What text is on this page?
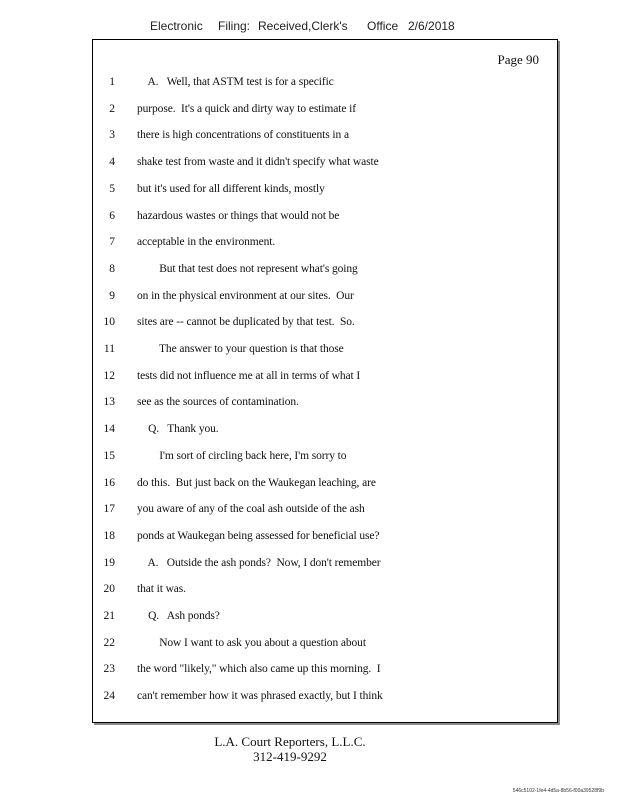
Electronic Filing: Received,Clerk's Office 2/6/2018
Page 90
1 A.   Well, that ASTM test is for a specific
2 purpose.  It's a quick and dirty way to estimate if
3 there is high concentrations of constituents in a
4 shake test from waste and it didn't specify what waste
5 but it's used for all different kinds, mostly
6 hazardous wastes or things that would not be
7 acceptable in the environment.
8 But that test does not represent what's going
9 on in the physical environment at our sites.  Our
10 sites are -- cannot be duplicated by that test.  So.
11 The answer to your question is that those
12 tests did not influence me at all in terms of what I
13 see as the sources of contamination.
14 Q.   Thank you.
15 I'm sort of circling back here, I'm sorry to
16 do this.  But just back on the Waukegan leaching, are
17 you aware of any of the coal ash outside of the ash
18 ponds at Waukegan being assessed for beneficial use?
19 A.   Outside the ash ponds?  Now, I don't remember
20 that it was.
21 Q.   Ash ponds?
22 Now I want to ask you about a question about
23 the word "likely," which also came up this morning.  I
24 can't remember how it was phrased exactly, but I think
L.A. Court Reporters, L.L.C.
312-419-9292
546c5102-1fe4-4d5a-8b56-f00a39528f9b
